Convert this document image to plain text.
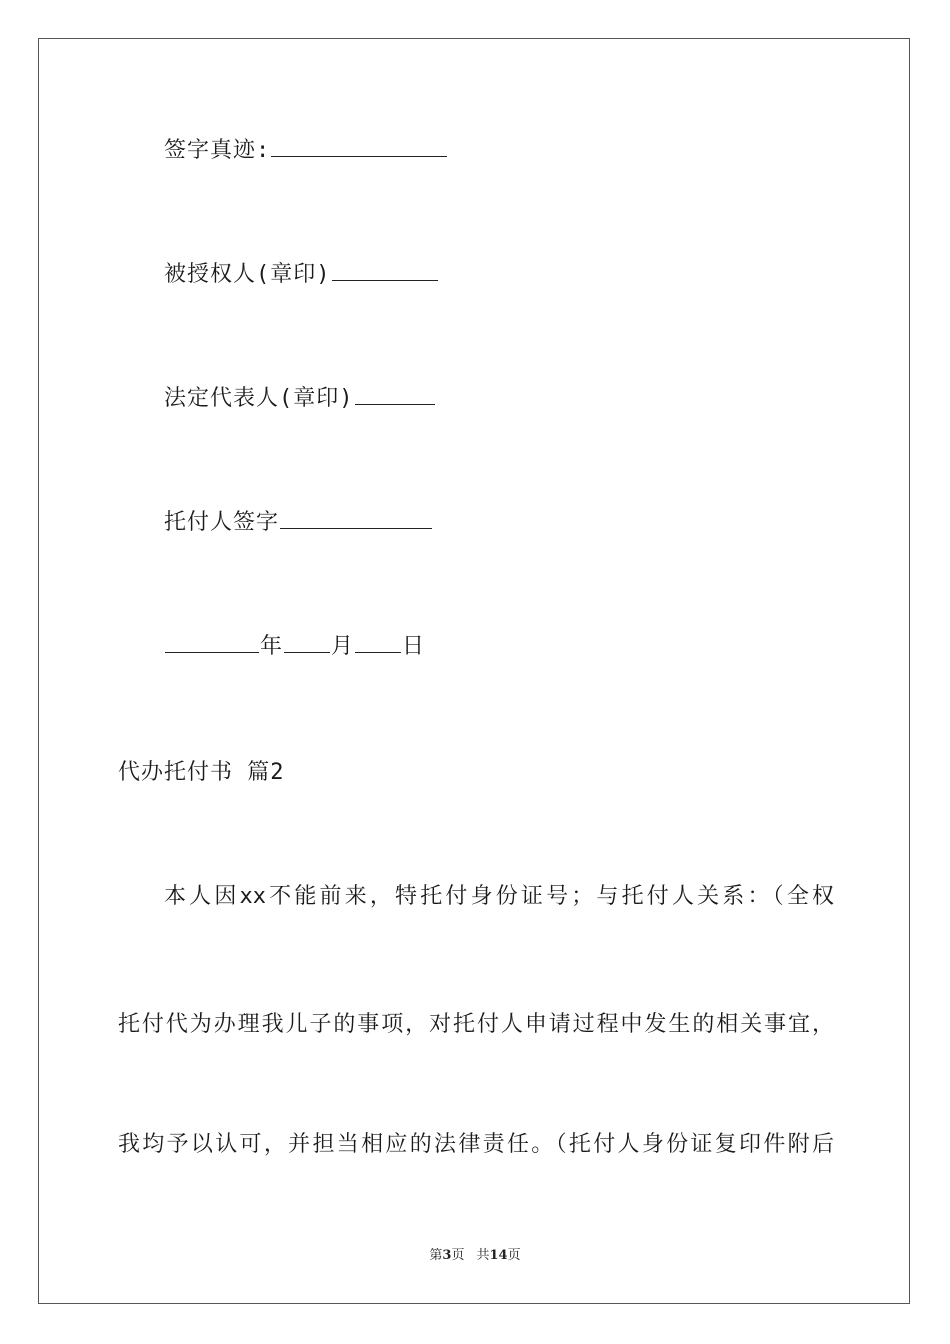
签字真迹:
被授权人(章印)
法定代表人(章印)
托付人签字
年 月 日
代办托付书 篇2
本人因xx不能前来，特托付身份证号；与托付人关系：（全权
托付代为办理我儿子的事项，对托付人申请过程中发生的相关事宜，
我均予以认可，并担当相应的法律责任。（托付人身份证复印件附后
第3页 共14页
